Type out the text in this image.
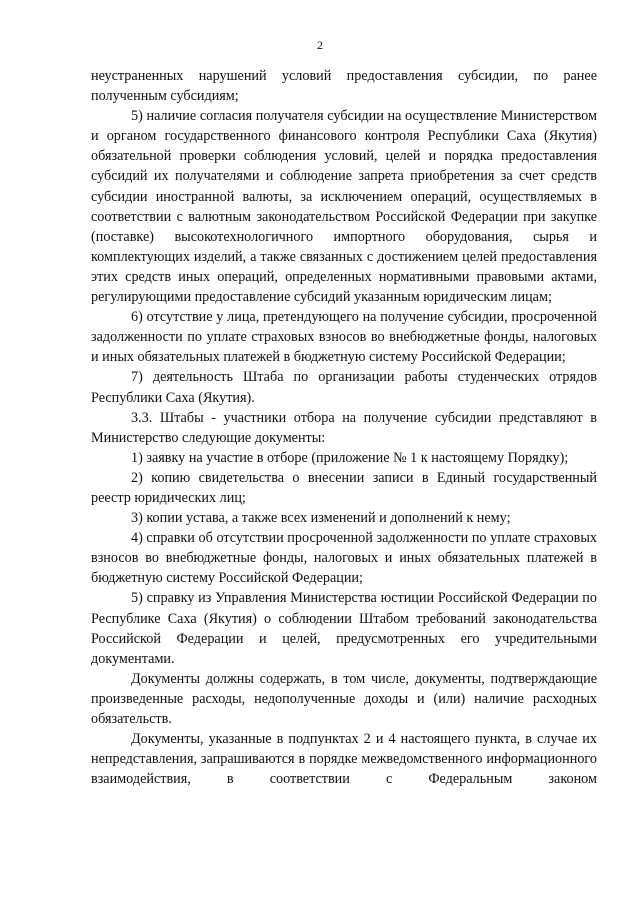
2

неустраненных нарушений условий предоставления субсидии, по ранее полученным субсидиям;

5) наличие согласия получателя субсидии на осуществление Министерством и органом государственного финансового контроля Республики Саха (Якутия) обязательной проверки соблюдения условий, целей и порядка предоставления субсидий их получателями и соблюдение запрета приобретения за счет средств субсидии иностранной валюты, за исключением операций, осуществляемых в соответствии с валютным законодательством Российской Федерации при закупке (поставке) высокотехнологичного импортного оборудования, сырья и комплектующих изделий, а также связанных с достижением целей предоставления этих средств иных операций, определенных нормативными правовыми актами, регулирующими предоставление субсидий указанным юридическим лицам;

6) отсутствие у лица, претендующего на получение субсидии, просроченной задолженности по уплате страховых взносов во внебюджетные фонды, налоговых и иных обязательных платежей в бюджетную систему Российской Федерации;

7) деятельность Штаба по организации работы студенческих отрядов Республики Саха (Якутия).

3.3. Штабы - участники отбора на получение субсидии представляют в Министерство следующие документы:

1) заявку на участие в отборе (приложение № 1 к настоящему Порядку);

2) копию свидетельства о внесении записи в Единый государственный реестр юридических лиц;

3) копии устава, а также всех изменений и дополнений к нему;

4) справки об отсутствии просроченной задолженности по уплате страховых взносов во внебюджетные фонды, налоговых и иных обязательных платежей в бюджетную систему Российской Федерации;

5) справку из Управления Министерства юстиции Российской Федерации по Республике Саха (Якутия) о соблюдении Штабом требований законодательства Российской Федерации и целей, предусмотренных его учредительными документами.

Документы должны содержать, в том числе, документы, подтверждающие произведенные расходы, недополученные доходы и (или) наличие расходных обязательств.

Документы, указанные в подпунктах 2 и 4 настоящего пункта, в случае их непредставления, запрашиваются в порядке межведомственного информационного взаимодействия, в соответствии с Федеральным законом
